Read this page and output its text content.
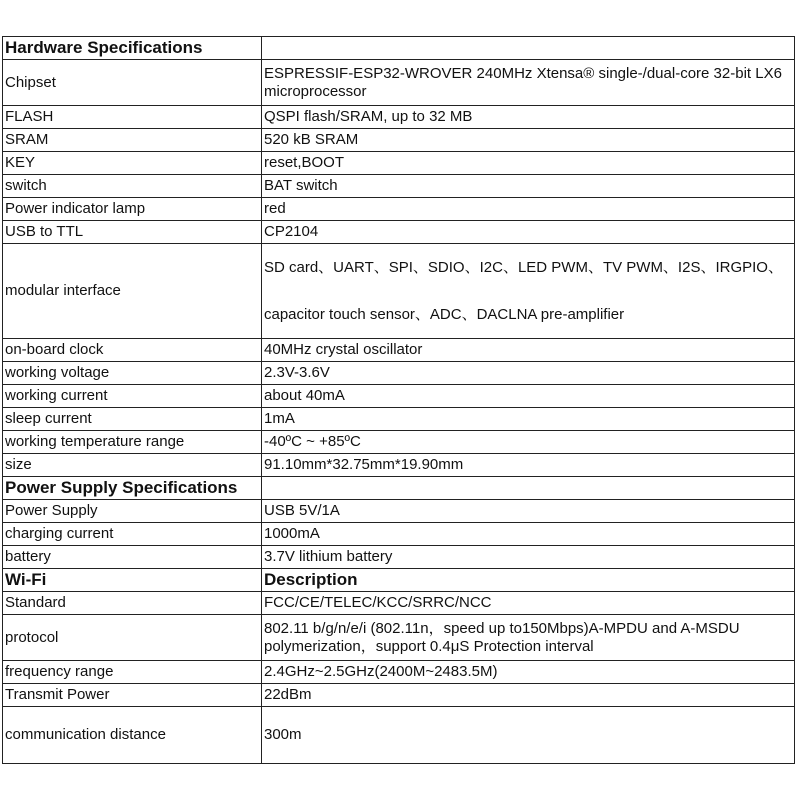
Hardware Specifications	
Chipset	ESPRESSIF-ESP32-WROVER 240MHz Xtensa® single-/dual-core 32-bit LX6 microprocessor
FLASH	QSPI flash/SRAM, up to 32 MB
SRAM	520 kB SRAM
KEY	reset,BOOT
switch	BAT switch
Power indicator lamp	red
USB to TTL	CP2104
modular interface	SD card、UART、SPI、SDIO、I2C、LED PWM、TV PWM、I2S、IRGPIO、
capacitor touch sensor、ADC、DACLNA pre-amplifier

on-board clock	40MHz crystal oscillator
working voltage	2.3V-3.6V
working current	about 40mA
sleep current	1mA
working temperature range	-40ºC ~ +85ºC
size	91.10mm*32.75mm*19.90mm
Power Supply Specifications	
Power Supply	USB 5V/1A
charging current	1000mA
battery	3.7V lithium battery
Wi-Fi	Description
Standard	FCC/CE/TELEC/KCC/SRRC/NCC
protocol	802.11 b/g/n/e/i (802.11n，speed up to150Mbps)A-MPDU and A-MSDU polymerization，support 0.4μS Protection interval
frequency range	2.4GHz~2.5GHz(2400M~2483.5M)
Transmit Power	22dBm
communication distance	300m
